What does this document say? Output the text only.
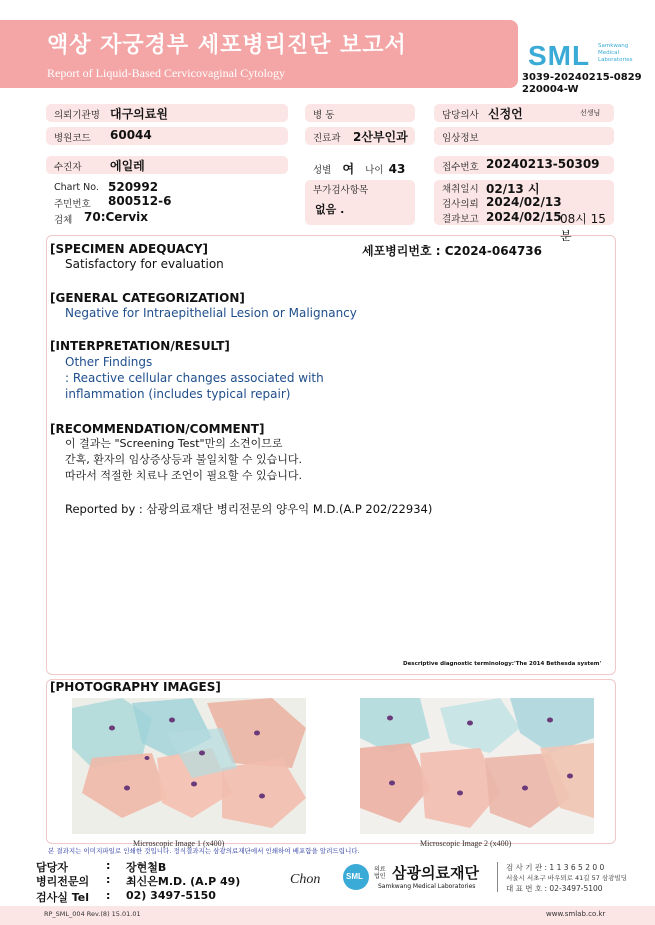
액상 자궁경부 세포병리진단 보고서
Report of Liquid-Based Cervicovaginal Cytology
SML Samkwang
Medical
Laboratories
3039-20240215-0829
220004-W
의뢰기관명 대구의료원	병 동	담당의사 신정언	선생님
병원코드 60044	진료과 2산부인과	임상정보
수진자 에일레	성별 여 나이 43	접수번호 20240213-50309
Chart No. 520992
주민번호 800512-6
검체 70:Cervix
부가검사항목
없음 .
채취일시 02/13 시
검사의뢰 2024/02/13
결과보고 2024/02/15
08시 15분
[SPECIMEN ADEQUACY]	세포병리번호 : C2024-064736
Satisfactory for evaluation
[GENERAL CATEGORIZATION]
Negative for Intraepithelial Lesion or Malignancy
[INTERPRETATION/RESULT]
Other Findings
: Reactive cellular changes associated with
inflammation (includes typical repair)
[RECOMMENDATION/COMMENT]
이 결과는 "Screening Test"만의 소견이므로
간혹, 환자의 임상증상등과 불일치할 수 있습니다.
따라서 적절한 치료나 조언이 필요할 수 있습니다.
Reported by : 삼광의료재단 병리전문의 양우익 M.D.(A.P 202/22934)
Descriptive diagnostic terminology:'The 2014 Bethesda system'
[PHOTOGRAPHY IMAGES]
Microscopic Image 1 (x400)	Microscopic Image 2 (x400)
본 결과지는 이미지파일로 인쇄한 것입니다. 정식결과지는 삼광의료재단에서 인쇄하여 배포함을 알려드립니다.
담당자	: 장현철B
병리전문의 : 최신은M.D. (A.P 49)
검사실 Tel : 02) 3497-5150
Chon	SML
의료
법인 삼광의료재단
Samkwang Medical Laboratories
검 사 기 관 : 1 1 3 6 5 2 0 0
서울시 서초구 바우뫼로 41길 57 삼광빌딩
대 표 번 호 : 02-3497-5100
RP_SML_004 Rev.(8) 15.01.01	www.smlab.co.kr
